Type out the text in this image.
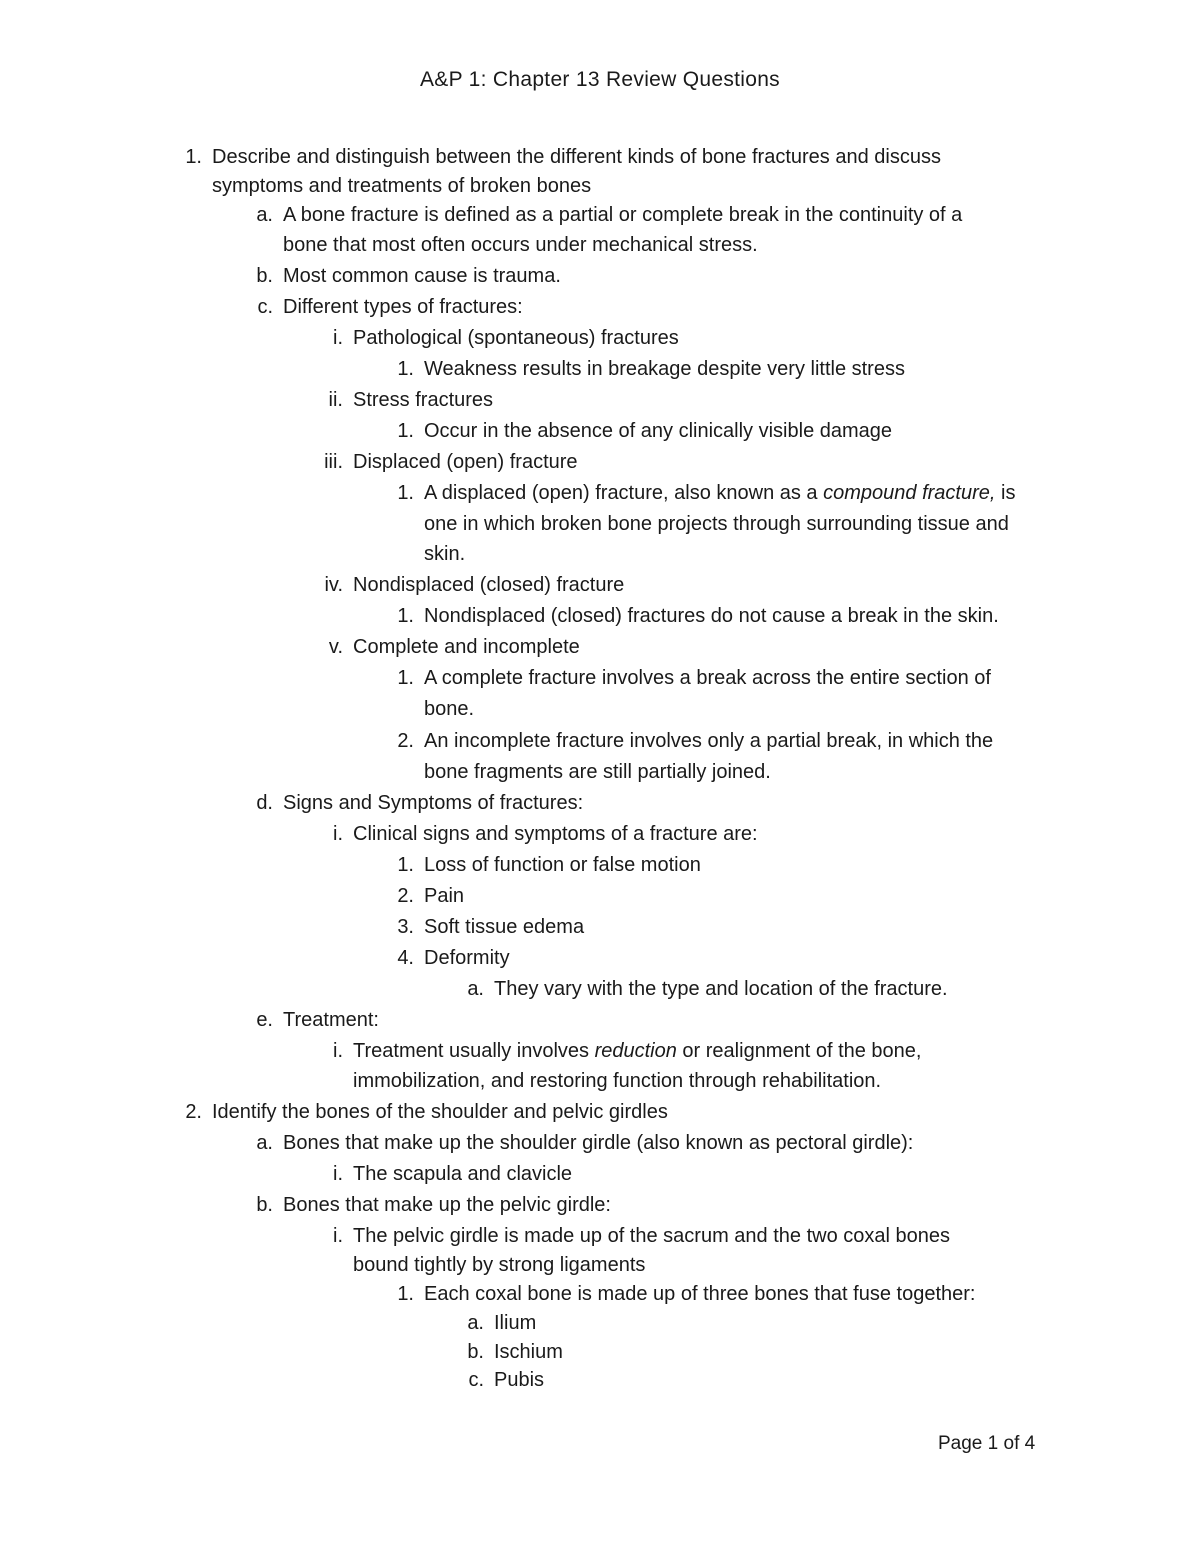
A&P 1: Chapter 13 Review Questions
1. Describe and distinguish between the different kinds of bone fractures and discuss
symptoms and treatments of broken bones
a. A bone fracture is defined as a partial or complete break in the continuity of a
bone that most often occurs under mechanical stress.
b. Most common cause is trauma.
c. Different types of fractures:
i. Pathological (spontaneous) fractures
1. Weakness results in breakage despite very little stress
ii. Stress fractures
1. Occur in the absence of any clinically visible damage
iii. Displaced (open) fracture
1. A displaced (open) fracture, also known as a compound fracture, is
one in which broken bone projects through surrounding tissue and
skin.
iv. Nondisplaced (closed) fracture
1. Nondisplaced (closed) fractures do not cause a break in the skin.
v. Complete and incomplete
1. A complete fracture involves a break across the entire section of
bone.
2. An incomplete fracture involves only a partial break, in which the
bone fragments are still partially joined.
d. Signs and Symptoms of fractures:
i. Clinical signs and symptoms of a fracture are:
1. Loss of function or false motion
2. Pain
3. Soft tissue edema
4. Deformity
a. They vary with the type and location of the fracture.
e. Treatment:
i. Treatment usually involves reduction or realignment of the bone,
immobilization, and restoring function through rehabilitation.
2. Identify the bones of the shoulder and pelvic girdles
a. Bones that make up the shoulder girdle (also known as pectoral girdle):
i. The scapula and clavicle
b. Bones that make up the pelvic girdle:
i. The pelvic girdle is made up of the sacrum and the two coxal bones
bound tightly by strong ligaments
1. Each coxal bone is made up of three bones that fuse together:
a. Ilium
b. Ischium
c. Pubis
Page 1 of 4
